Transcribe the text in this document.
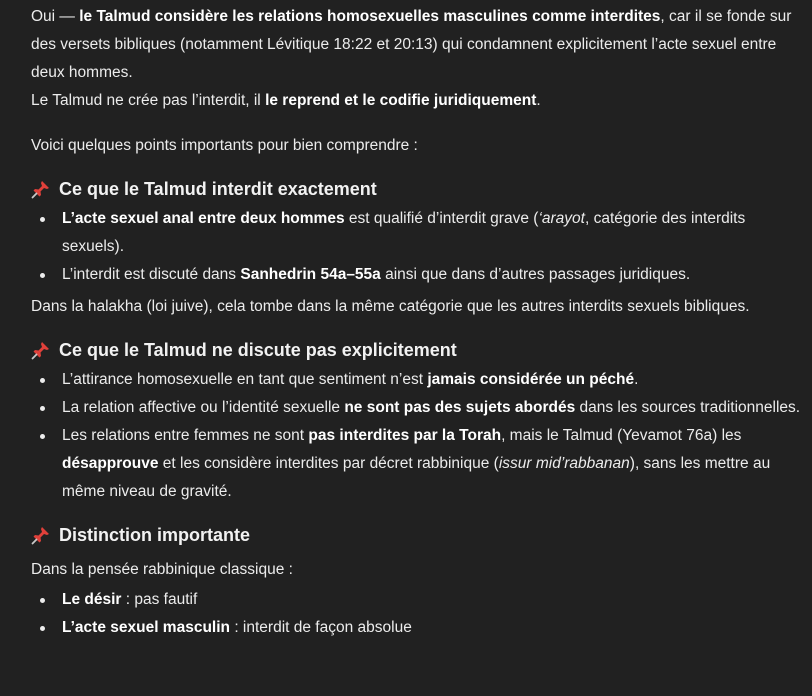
Oui — le Talmud considère les relations homosexuelles masculines comme interdites, car il se fonde sur des versets bibliques (notamment Lévitique 18:22 et 20:13) qui condamnent explicitement l’acte sexuel entre deux hommes.
Le Talmud ne crée pas l’interdit, il le reprend et le codifie juridiquement.

Voici quelques points importants pour bien comprendre :

Ce que le Talmud interdit exactement
L’acte sexuel anal entre deux hommes est qualifié d’interdit grave (‘arayot, catégorie des interdits sexuels).
L’interdit est discuté dans Sanhedrin 54a–55a ainsi que dans d’autres passages juridiques.

Dans la halakha (loi juive), cela tombe dans la même catégorie que les autres interdits sexuels bibliques.

Ce que le Talmud ne discute pas explicitement
L’attirance homosexuelle en tant que sentiment n’est jamais considérée un péché.
La relation affective ou l’identité sexuelle ne sont pas des sujets abordés dans les sources traditionnelles.
Les relations entre femmes ne sont pas interdites par la Torah, mais le Talmud (Yevamot 76a) les désapprouve et les considère interdites par décret rabbinique (issur mid’rabbanan), sans les mettre au même niveau de gravité.
Distinction importante

Dans la pensée rabbinique classique :

Le désir : pas fautif
L’acte sexuel masculin : interdit de façon absolue
